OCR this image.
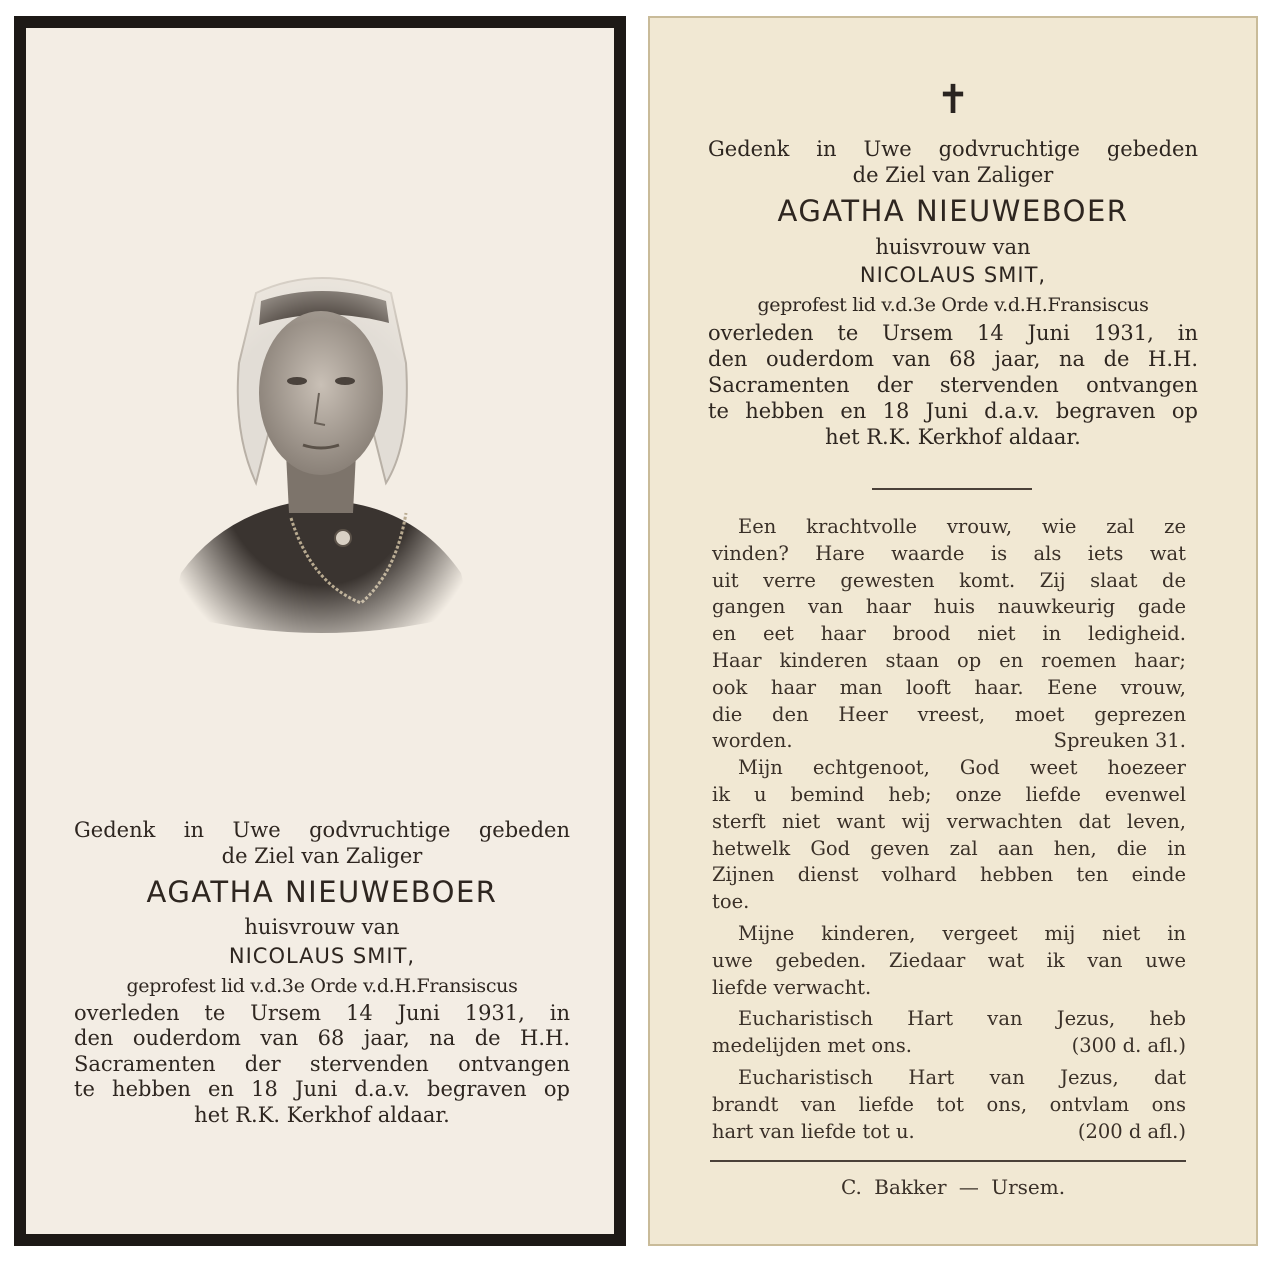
Gedenk in Uwe godvruchtige gebeden
de Ziel van Zaliger
AGATHA NIEUWEBOER
huisvrouw van
NICOLAUS SMIT,
geprofest lid v.d.3e Orde v.d.H.Fransiscus
overleden te Ursem 14 Juni 1931, in
den ouderdom van 68 jaar, na de H.H.
Sacramenten der stervenden ontvangen
te hebben en 18 Juni d.a.v. begraven op
het R.K. Kerkhof aldaar.
✝
Gedenk in Uwe godvruchtige gebeden
de Ziel van Zaliger
AGATHA NIEUWEBOER
huisvrouw van
NICOLAUS SMIT,
geprofest lid v.d.3e Orde v.d.H.Fransiscus
overleden te Ursem 14 Juni 1931, in
den ouderdom van 68 jaar, na de H.H.
Sacramenten der stervenden ontvangen
te hebben en 18 Juni d.a.v. begraven op
het R.K. Kerkhof aldaar.
Een krachtvolle vrouw, wie zal ze
vinden? Hare waarde is als iets wat
uit verre gewesten komt. Zij slaat de
gangen van haar huis nauwkeurig gade
en eet haar brood niet in ledigheid.
Haar kinderen staan op en roemen haar;
ook haar man looft haar. Eene vrouw,
die den Heer vreest, moet geprezen
worden.	Spreuken 31.
Mijn echtgenoot, God weet hoezeer
ik u bemind heb; onze liefde evenwel
sterft niet want wij verwachten dat leven,
hetwelk God geven zal aan hen, die in
Zijnen dienst volhard hebben ten einde
toe.
Mijne kinderen, vergeet mij niet in
uwe gebeden. Ziedaar wat ik van uwe
liefde verwacht.
Eucharistisch Hart van Jezus, heb
medelijden met ons.	(300 d. afl.)
Eucharistisch Hart van Jezus, dat
brandt van liefde tot ons, ontvlam ons
hart van liefde tot u.	(200 d afl.)
C. Bakker — Ursem.
